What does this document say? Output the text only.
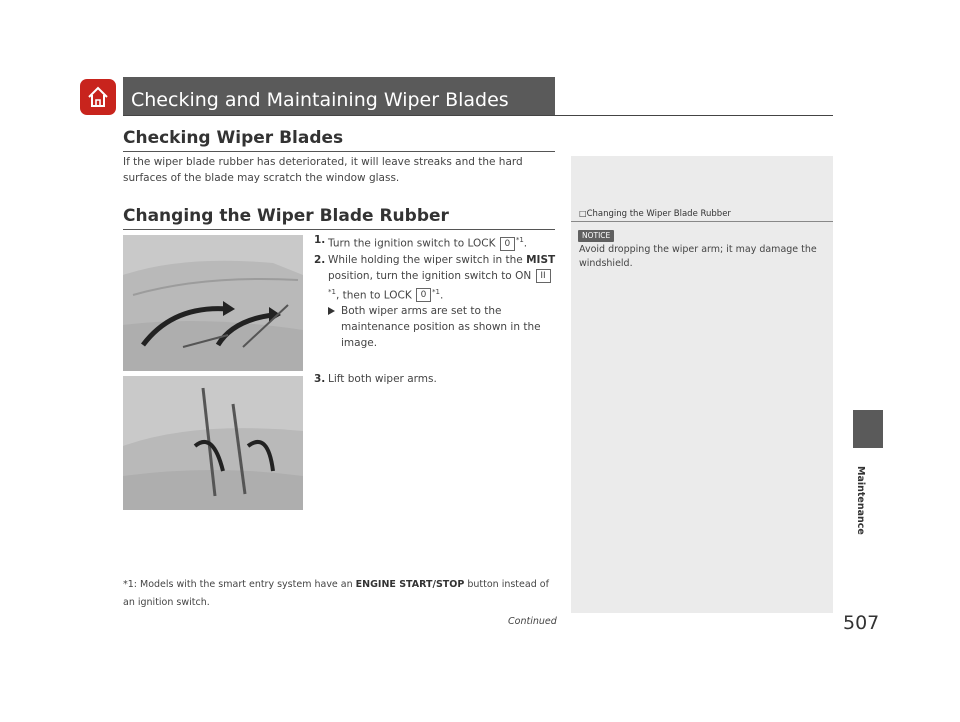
Checking and Maintaining Wiper Blades
Checking Wiper Blades
If the wiper blade rubber has deteriorated, it will leave streaks and the hard surfaces of the blade may scratch the window glass.
Changing the Wiper Blade Rubber
1. Turn the ignition switch to LOCK 0 $^{*1}$.
2. While holding the wiper switch in the MIST position, turn the ignition switch to ON II$^{*1}$, then to LOCK 0 $^{*1}$.
Both wiper arms are set to the maintenance position as shown in the image.
3. Lift both wiper arms.
*1: Models with the smart entry system have an ENGINE START/STOP button instead of an ignition switch.
Continued	507
□Changing the Wiper Blade Rubber
NOTICE
Avoid dropping the wiper arm; it may damage the windshield.
Maintenance
